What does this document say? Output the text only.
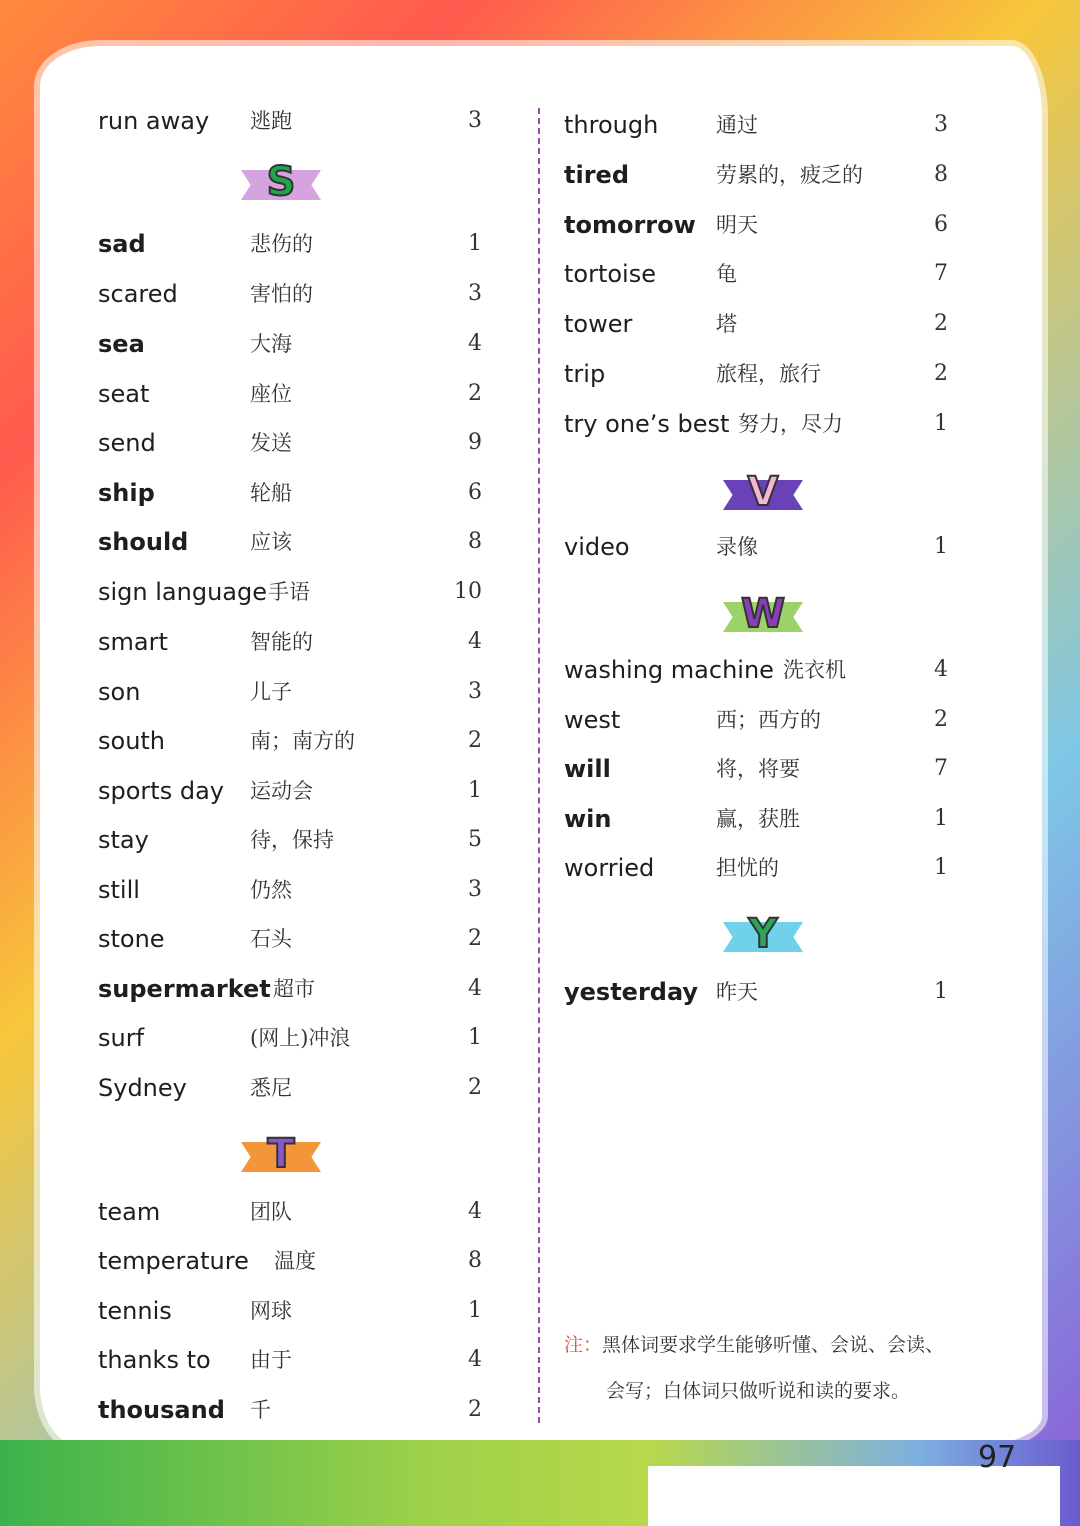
97
run away 逃跑	3
S
sad	悲伤的	1
scared	害怕的	3
sea	大海	4
seat	座位	2
send	发送	9
ship	轮船	6
should	应该	8
sign language 手语	10
smart	智能的	4
son	儿子	3
south	南；南方的	2
sports day 运动会	1
stay	待，保持	5
still	仍然	3
stone	石头	2
supermarket 超市	4
surf	(网上)冲浪	1
Sydney	悉尼	2
T
team	团队	4
temperature 温度	8
tennis	网球	1
thanks to 由于	4
thousand 千	2
through	通过	3
tired	劳累的，疲乏的	8
tomorrow 明天	6
tortoise	龟	7
tower	塔	2
trip	旅程，旅行	2
try one’s best 努力，尽力	1
V
video	录像	1
W
washing machine 洗衣机	4
west	西；西方的	2
will	将，将要	7
win	赢，获胜	1
worried	担忧的	1
Y
yesterday 昨天	1
注：黑体词要求学生能够听懂、会说、会读、
会写；白体词只做听说和读的要求。
